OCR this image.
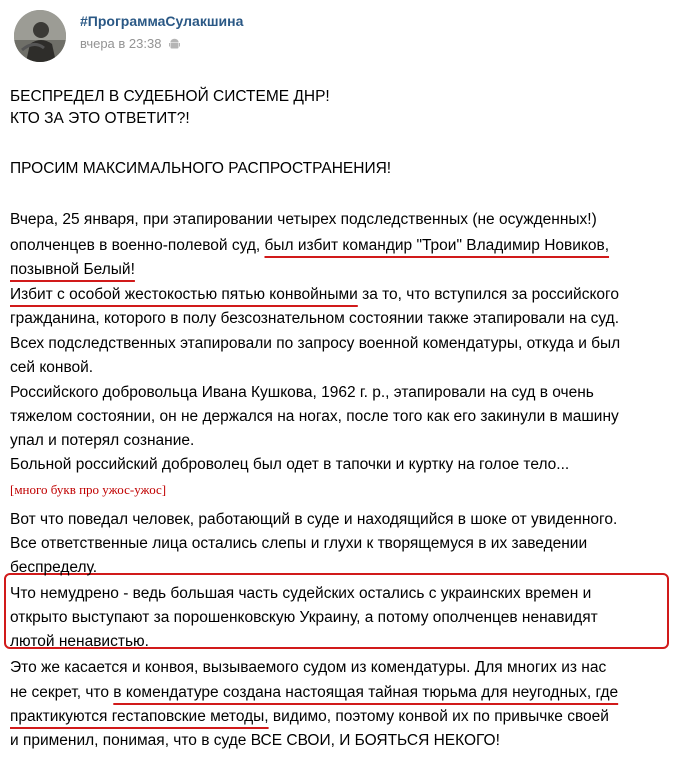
#ПрограммаСулакшина
вчера в 23:38
БЕСПРЕДЕЛ В СУДЕБНОЙ СИСТЕМЕ ДНР!
КТО ЗА ЭТО ОТВЕТИТ?!
ПРОСИМ МАКСИМАЛЬНОГО РАСПРОСТРАНЕНИЯ!
Вчера, 25 января, при этапировании четырех подследственных (не осужденных!)
ополченцев в военно-полевой суд, был избит командир "Трои" Владимир Новиков,
позывной Белый!
Избит с особой жестокостью пятью конвойными за то, что вступился за российского
гражданина, которого в полу безсознательном состоянии также этапировали на суд.
Всех подследственных этапировали по запросу военной комендатуры, откуда и был
сей конвой.
Российского добровольца Ивана Кушкова, 1962 г. р., этапировали на суд в очень
тяжелом состоянии, он не держался на ногах, после того как его закинули в машину
упал и потерял сознание.
Больной российский доброволец был одет в тапочки и куртку на голое тело...
[много букв про ужос-ужос]
Вот что поведал человек, работающий в суде и находящийся в шоке от увиденного.
Все ответственные лица остались слепы и глухи к творящемуся в их заведении
беспределу.
Что немудрено - ведь большая часть судейских остались с украинских времен и
открыто выступают за порошенковскую Украину, а потому ополченцев ненавидят
лютой ненавистью.
Это же касается и конвоя, вызываемого судом из комендатуры. Для многих из нас
не секрет, что в комендатуре создана настоящая тайная тюрьма для неугодных, где
практикуются гестаповские методы, видимо, поэтому конвой их по привычке своей
и применил, понимая, что в суде ВСЕ СВОИ, И БОЯТЬСЯ НЕКОГО!
